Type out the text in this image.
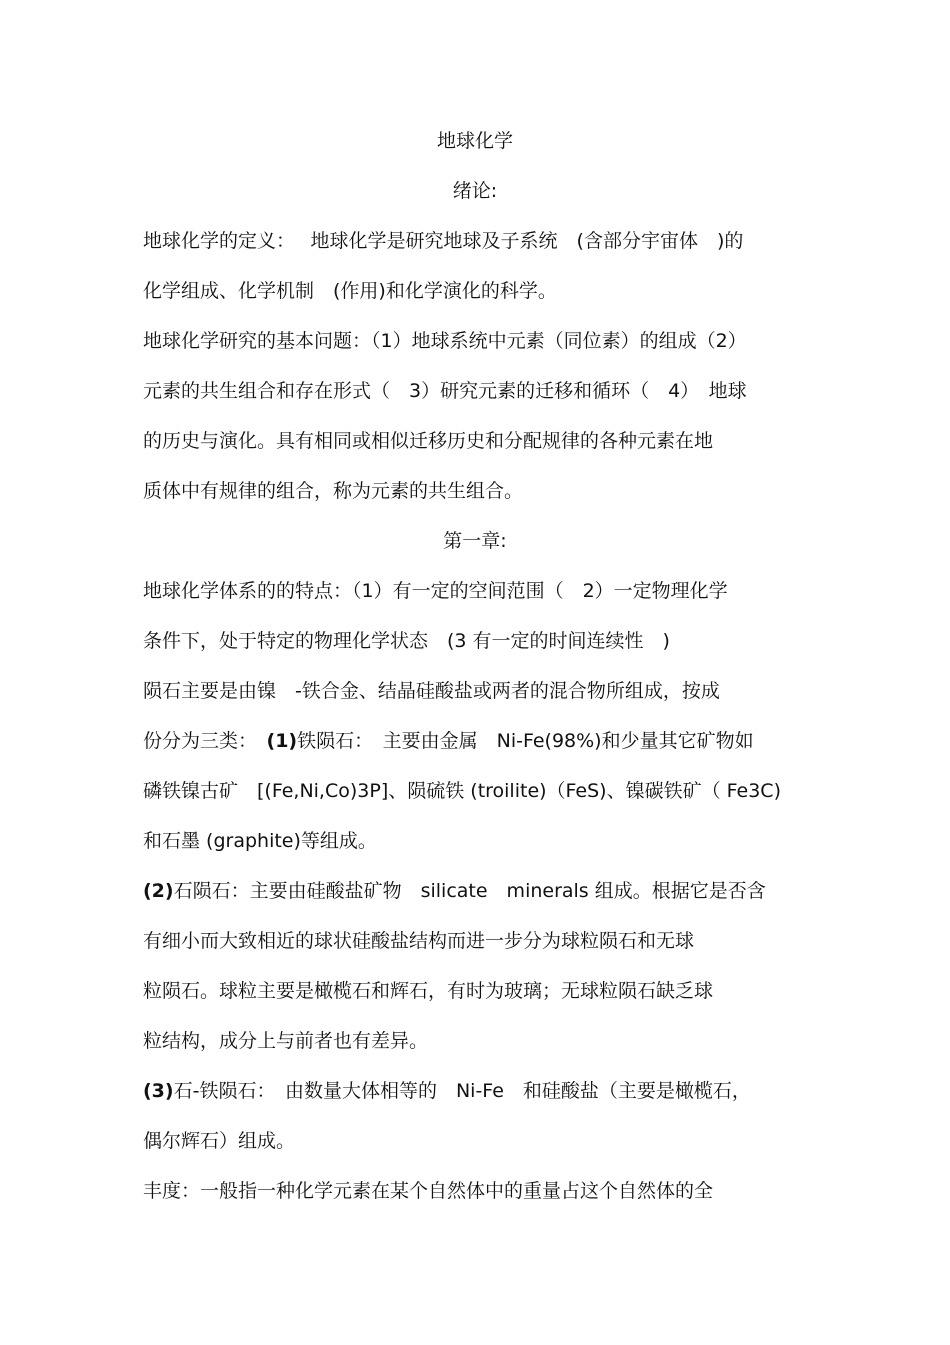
地球化学
绪论:
地球化学的定义：　 地球化学是研究地球及子系统　(含部分宇宙体　)的
化学组成、化学机制　(作用)和化学演化的科学。
地球化学研究的基本问题：（1）地球系统中元素（同位素）的组成（2）
元素的共生组合和存在形式（　3）研究元素的迁移和循环（　4）　地球
的历史与演化。具有相同或相似迁移历史和分配规律的各种元素在地
质体中有规律的组合，称为元素的共生组合。
第一章:
地球化学体系的的特点：（1）有一定的空间范围（　2）一定物理化学
条件下，处于特定的物理化学状态　(3 有一定的时间连续性　)
陨石主要是由镍　-铁合金、结晶硅酸盐或两者的混合物所组成，按成
份分为三类：　(1)铁陨石：　主要由金属　Ni-Fe(98%)和少量其它矿物如
磷铁镍古矿　[(Fe,Ni,Co)3P]、陨硫铁 (troilite)（FeS)、镍碳铁矿（ Fe3C)
和石墨 (graphite)等组成。
(2)石陨石：主要由硅酸盐矿物　silicate　minerals 组成。根据它是否含
有细小而大致相近的球状硅酸盐结构而进一步分为球粒陨石和无球
粒陨石。球粒主要是橄榄石和辉石，有时为玻璃；无球粒陨石缺乏球
粒结构，成分上与前者也有差异。
(3)石-铁陨石：　由数量大体相等的　Ni-Fe　和硅酸盐（主要是橄榄石，
偶尔辉石）组成。
丰度：一般指一种化学元素在某个自然体中的重量占这个自然体的全
